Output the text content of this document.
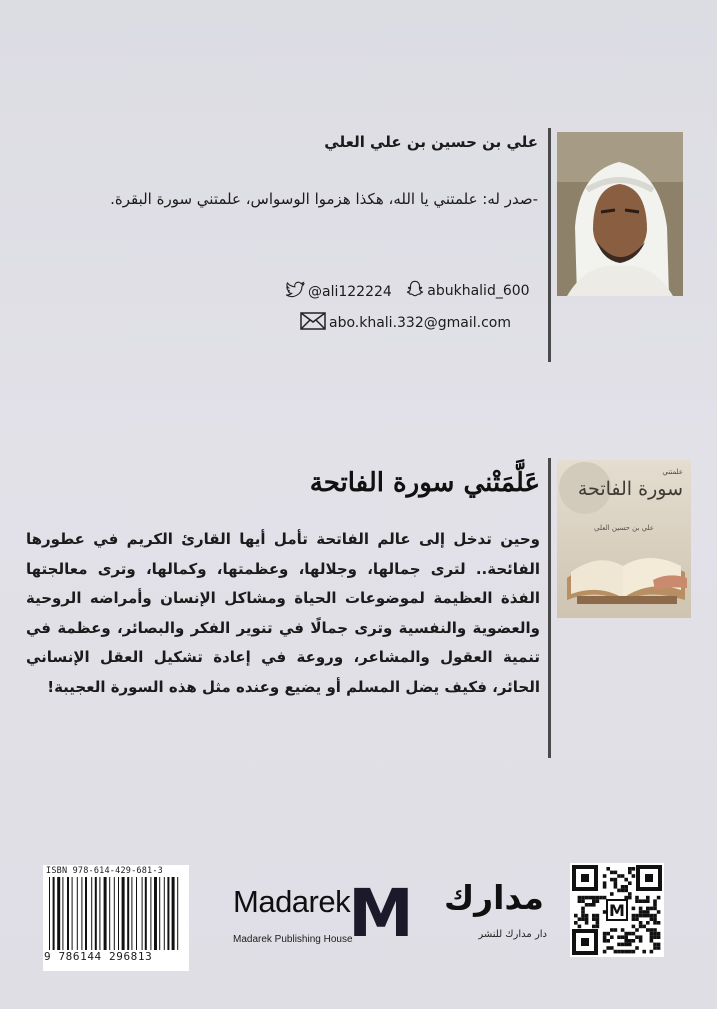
علي بن حسين بن علي العلي
-صدر له: علمتني يا الله، هكذا هزموا الوسواس، علمتني سورة البقرة.
@ali122224
	abukhalid_600
abo.khali.332@gmail.com
عَلَّمَتْني سورة الفاتحة
وحين تدخل إلى عالم الفاتحة تأمل أيها القارئ الكريم في عطورها الفائحة.. لترى جمالها، وجلالها، وعظمتها، وكمالها، وترى معالجتها الفذة العظيمة لموضوعات الحياة ومشاكل الإنسان وأمراضه الروحية والعضوية والنفسية وترى جمالًا في تنوير الفكر والبصائر، وعظمة في تنمية العقول والمشاعر، وروعة في إعادة تشكيل العقل الإنساني الحائر، فكيف يضل المسلم أو يضيع وعنده مثل هذه السورة العجيبة!
علمتني
سورة الفاتحة
علي بن حسين العلي
ISBN 978-614-429-681-3
9 786144 296813
Madarek
Madarek Publishing House
M مدارك
دار مدارك للنشر
M
